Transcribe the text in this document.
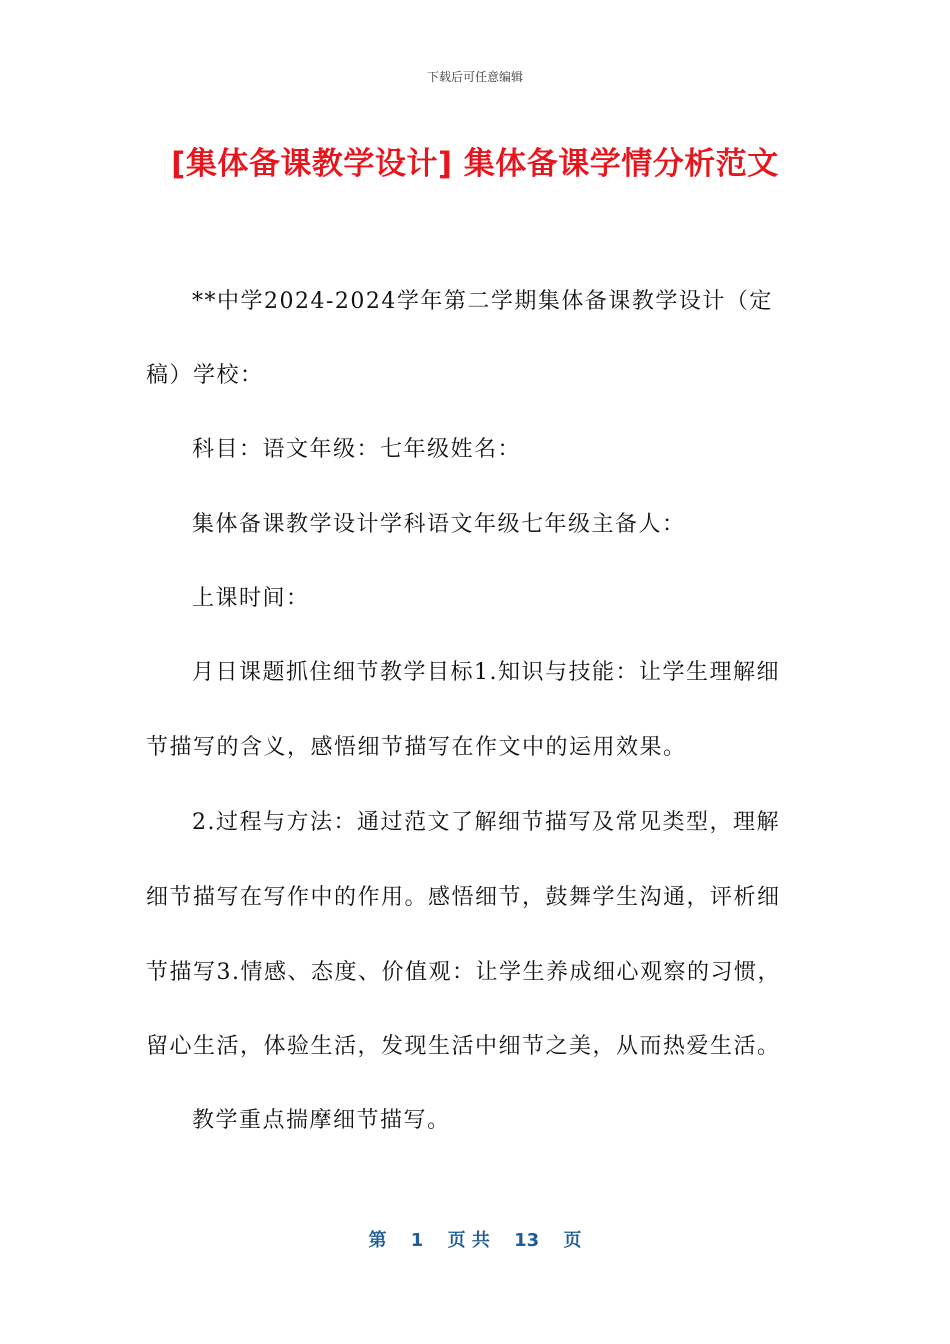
下载后可任意编辑
[集体备课教学设计] 集体备课学情分析范文
**中学2024-2024学年第二学期集体备课教学设计（定
稿）学校：
科目：语文年级：七年级姓名：
集体备课教学设计学科语文年级七年级主备人：
上课时间：
月日课题抓住细节教学目标1.知识与技能：让学生理解细
节描写的含义，感悟细节描写在作文中的运用效果。
2.过程与方法：通过范文了解细节描写及常见类型，理解
细节描写在写作中的作用。感悟细节，鼓舞学生沟通，评析细
节描写3.情感、态度、价值观：让学生养成细心观察的习惯，
留心生活，体验生活，发现生活中细节之美，从而热爱生活。
教学重点揣摩细节描写。
第 1 页 共 13 页
